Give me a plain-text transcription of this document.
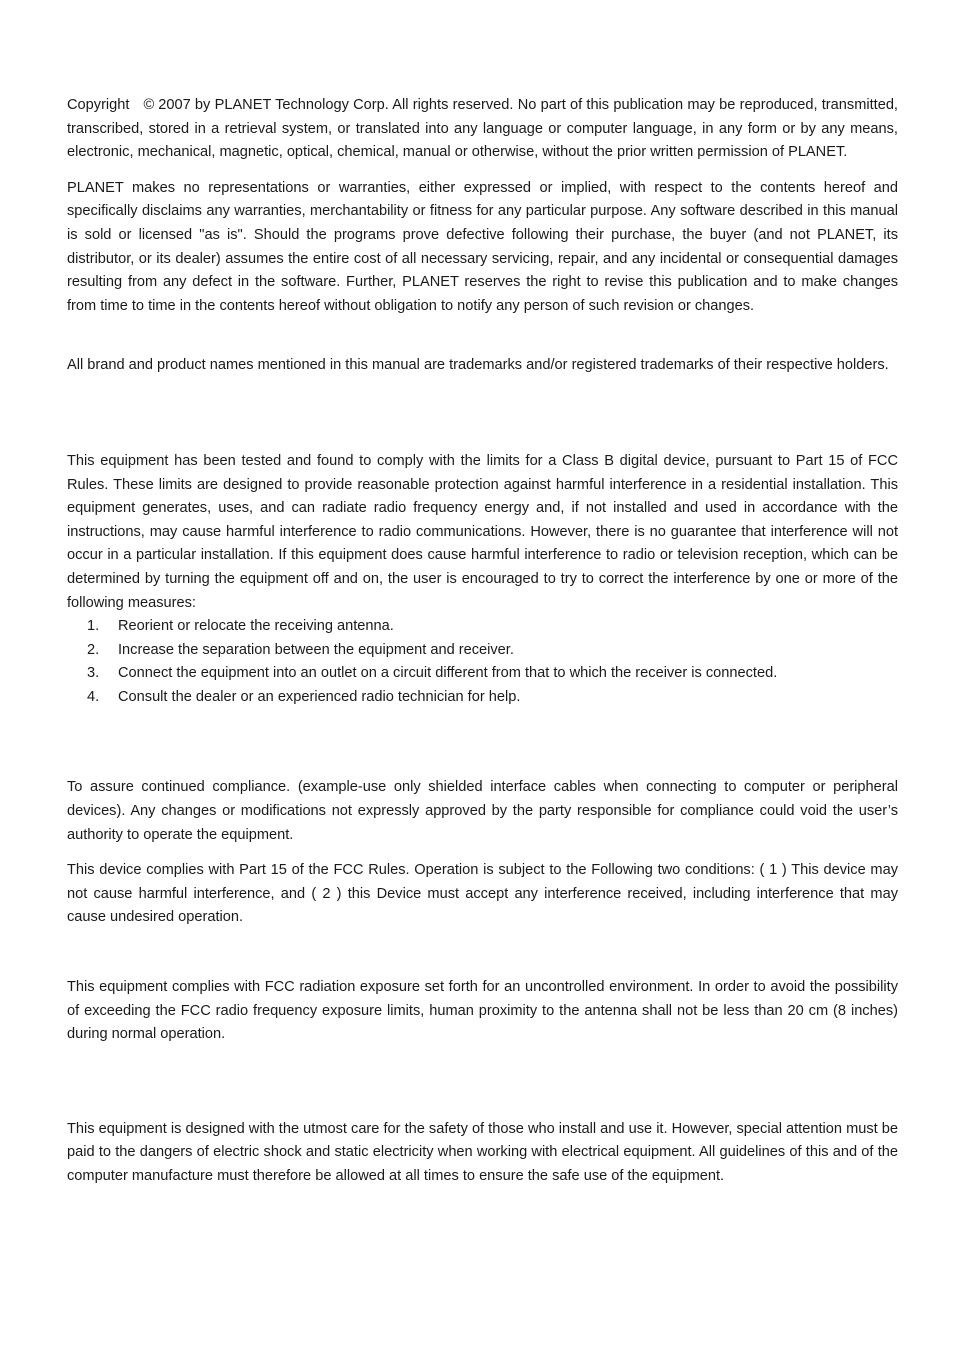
Copyright © 2007 by PLANET Technology Corp. All rights reserved. No part of this publication may be reproduced, transmitted, transcribed, stored in a retrieval system, or translated into any language or computer language, in any form or by any means, electronic, mechanical, magnetic, optical, chemical, manual or otherwise, without the prior written permission of PLANET.

PLANET makes no representations or warranties, either expressed or implied, with respect to the contents hereof and specifically disclaims any warranties, merchantability or fitness for any particular purpose. Any software described in this manual is sold or licensed "as is". Should the programs prove defective following their purchase, the buyer (and not PLANET, its distributor, or its dealer) assumes the entire cost of all necessary servicing, repair, and any incidental or consequential damages resulting from any defect in the software. Further, PLANET reserves the right to revise this publication and to make changes from time to time in the contents hereof without obligation to notify any person of such revision or changes.

All brand and product names mentioned in this manual are trademarks and/or registered trademarks of their respective holders.

This equipment has been tested and found to comply with the limits for a Class B digital device, pursuant to Part 15 of FCC Rules. These limits are designed to provide reasonable protection against harmful interference in a residential installation. This equipment generates, uses, and can radiate radio frequency energy and, if not installed and used in accordance with the instructions, may cause harmful interference to radio communications. However, there is no guarantee that interference will not occur in a particular installation. If this equipment does cause harmful interference to radio or television reception, which can be determined by turning the equipment off and on, the user is encouraged to try to correct the interference by one or more of the following measures:

1. Reorient or relocate the receiving antenna.
2. Increase the separation between the equipment and receiver.
3. Connect the equipment into an outlet on a circuit different from that to which the receiver is connected.
4. Consult the dealer or an experienced radio technician for help.

To assure continued compliance. (example-use only shielded interface cables when connecting to computer or peripheral devices). Any changes or modifications not expressly approved by the party responsible for compliance could void the user’s authority to operate the equipment.

This device complies with Part 15 of the FCC Rules. Operation is subject to the Following two conditions: ( 1 ) This device may not cause harmful interference, and ( 2 ) this Device must accept any interference received, including interference that may cause undesired operation.

This equipment complies with FCC radiation exposure set forth for an uncontrolled environment. In order to avoid the possibility of exceeding the FCC radio frequency exposure limits, human proximity to the antenna shall not be less than 20 cm (8 inches) during normal operation.

This equipment is designed with the utmost care for the safety of those who install and use it. However, special attention must be paid to the dangers of electric shock and static electricity when working with electrical equipment. All guidelines of this and of the computer manufacture must therefore be allowed at all times to ensure the safe use of the equipment.
